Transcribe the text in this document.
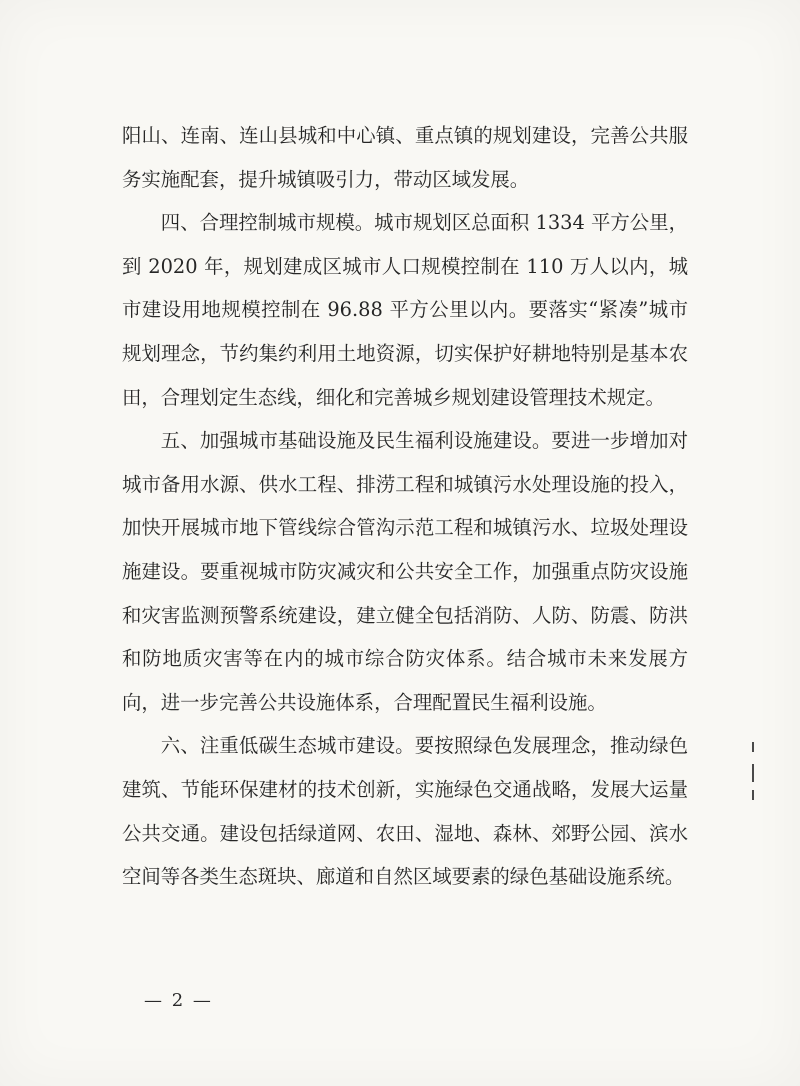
阳山、连南、连山县城和中心镇、重点镇的规划建设，完善公共服务实施配套，提升城镇吸引力，带动区域发展。

四、合理控制城市规模。城市规划区总面积 1334 平方公里，到 2020 年，规划建成区城市人口规模控制在 110 万人以内，城市建设用地规模控制在 96.88 平方公里以内。要落实“紧凑”城市规划理念，节约集约利用土地资源，切实保护好耕地特别是基本农田，合理划定生态线，细化和完善城乡规划建设管理技术规定。

五、加强城市基础设施及民生福利设施建设。要进一步增加对城市备用水源、供水工程、排涝工程和城镇污水处理设施的投入，加快开展城市地下管线综合管沟示范工程和城镇污水、垃圾处理设施建设。要重视城市防灾减灾和公共安全工作，加强重点防灾设施和灾害监测预警系统建设，建立健全包括消防、人防、防震、防洪和防地质灾害等在内的城市综合防灾体系。结合城市未来发展方向，进一步完善公共设施体系，合理配置民生福利设施。

六、注重低碳生态城市建设。要按照绿色发展理念，推动绿色建筑、节能环保建材的技术创新，实施绿色交通战略，发展大运量公共交通。建设包括绿道网、农田、湿地、森林、郊野公园、滨水空间等各类生态斑块、廊道和自然区域要素的绿色基础设施系统。

— 2 —
